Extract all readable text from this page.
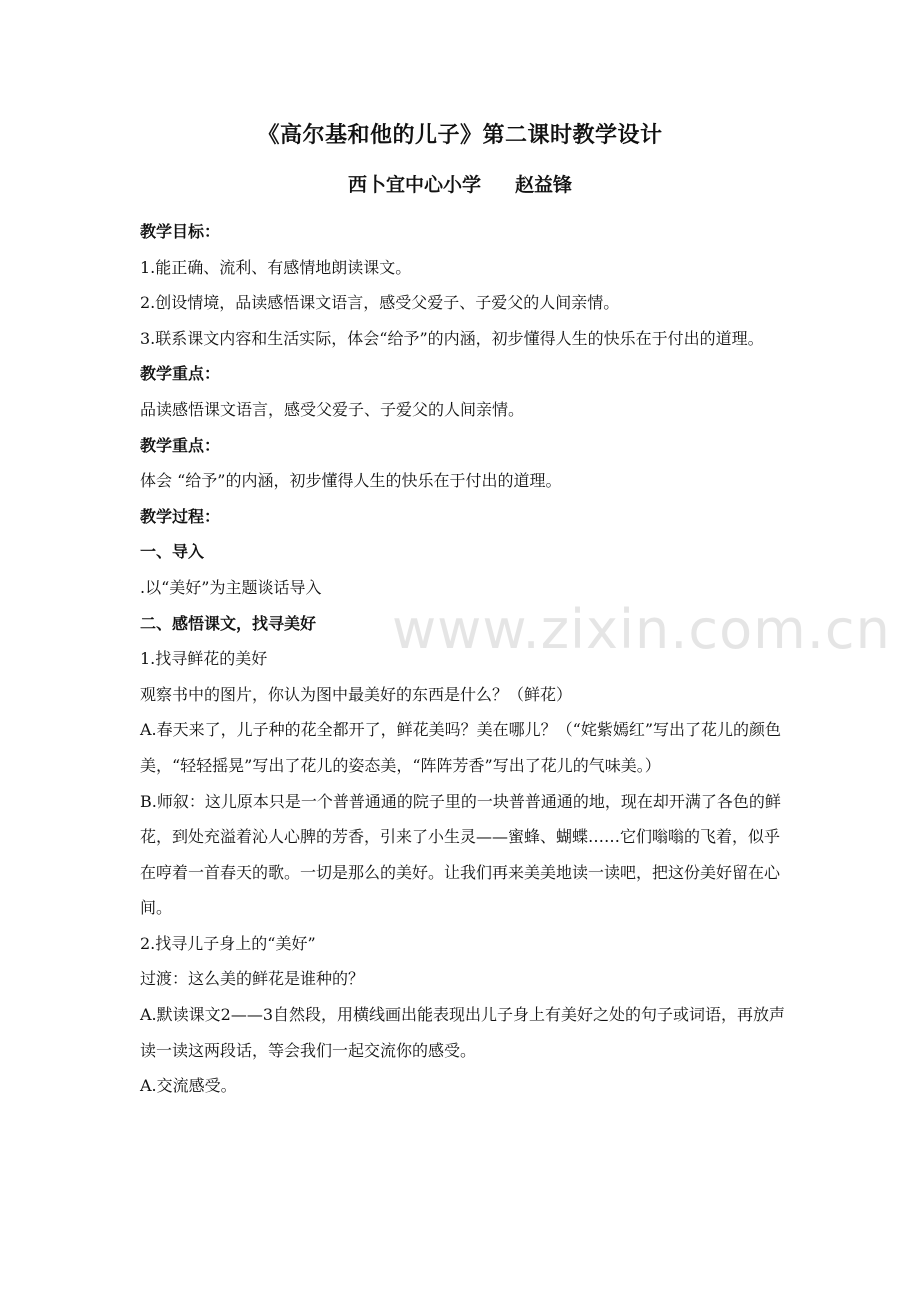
《高尔基和他的儿子》第二课时教学设计
西卜宜中心小学 赵益锋

教学目标：

1.能正确、流利、有感情地朗读课文。

2.创设情境，品读感悟课文语言，感受父爱子、子爱父的人间亲情。

3.联系课文内容和生活实际，体会“给予”的内涵，初步懂得人生的快乐在于付出的道理。

教学重点：

品读感悟课文语言，感受父爱子、子爱父的人间亲情。

教学重点：

体会 “给予”的内涵，初步懂得人生的快乐在于付出的道理。

教学过程：

一、导入

.以“美好”为主题谈话导入

二、感悟课文，找寻美好

1.找寻鲜花的美好

观察书中的图片，你认为图中最美好的东西是什么？（鲜花）

A.春天来了，儿子种的花全都开了，鲜花美吗？美在哪儿？（“姹紫嫣红”写出了花儿的颜色美，“轻轻摇晃”写出了花儿的姿态美，“阵阵芳香”写出了花儿的气味美。）

B.师叙：这儿原本只是一个普普通通的院子里的一块普普通通的地，现在却开满了各色的鲜花，到处充溢着沁人心脾的芳香，引来了小生灵——蜜蜂、蝴蝶……它们嗡嗡的飞着，似乎在哼着一首春天的歌。一切是那么的美好。让我们再来美美地读一读吧，把这份美好留在心间。

2.找寻儿子身上的“美好”

过渡：这么美的鲜花是谁种的？

A.默读课文2——3自然段，用横线画出能表现出儿子身上有美好之处的句子或词语，再放声读一读这两段话，等会我们一起交流你的感受。

A.交流感受。

www.zixin.com.cn
